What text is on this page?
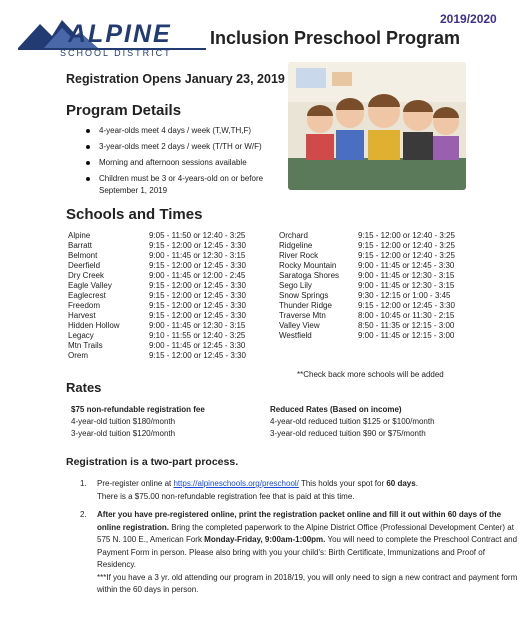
2019/2020
ALPINE
SCHOOL DISTRICT
Inclusion Preschool Program
Registration Opens January 23, 2019
Program Details
4-year-olds meet 4 days / week (T,W,TH,F)
3-year-olds meet 2 days / week (T/TH or W/F)
Morning and afternoon sessions available
Children must be 3 or 4-years-old on or before September 1, 2019
Schools and Times
Alpine
Barratt
Belmont
Deerfield
Dry Creek
Eagle Valley
Eaglecrest
Freedom
Harvest
Hidden Hollow
Legacy
Mtn Trails
Orem
9:05 - 11:50 or 12:40 - 3:25
9:15 - 12:00 or 12:45 - 3:30
9:00 - 11:45 or 12:30 - 3:15
9:15 - 12:00 or 12:45 - 3:30
9:00 - 11:45 or 12:00 - 2:45
9:15 - 12:00 or 12:45 - 3:30
9:15 - 12:00 or 12:45 - 3:30
9:15 - 12:00 or 12:45 - 3:30
9:15 - 12:00 or 12:45 - 3:30
9:00 - 11:45 or 12:30 - 3:15
9:10 - 11:55 or 12:40 - 3:25
9:00 - 11:45 or 12:45 - 3:30
9:15 - 12:00 or 12:45 - 3:30
Orchard
Ridgeline
River Rock
Rocky Mountain
Saratoga Shores
Sego Lily
Snow Springs
Thunder Ridge
Traverse Mtn
Valley View
Westfield
9:15 - 12:00 or 12:40 - 3:25
9:15 - 12:00 or 12:40 - 3:25
9:15 - 12:00 or 12:40 - 3:25
9:00 - 11:45 or 12:45 - 3:30
9:00 - 11:45 or 12:30 - 3:15
9:00 - 11:45 or 12:30 - 3:15
9:30 - 12:15 or 1:00 - 3:45
9:15 - 12:00 or 12:45 - 3:30
8:00 - 10:45 or 11:30 - 2:15
8:50 - 11:35 or 12:15 - 3:00
9:00 - 11:45 or 12:15 - 3:00
**Check back more schools will be added
Rates
$75 non-refundable registration fee
4-year-old tuition $180/month
3-year-old tuition $120/month
Reduced Rates (Based on income)
4-year-old reduced tuition $125 or $100/month
3-year-old reduced tuition $90 or $75/month
Registration is a two-part process.
1. Pre-register online at https://alpineschools.org/preschool/ This holds your spot for 60 days.
There is a $75.00 non-refundable registration fee that is paid at this time.
2. After you have pre-registered online, print the registration packet online and fill it out within 60 days of the online registration. Bring the completed paperwork to the Alpine District Office (Professional Development Center) at 575 N. 100 E., American Fork Monday-Friday, 9:00am-1:00pm. You will need to complete the Preschool Contract and Payment Form in person. Please also bring with you your child's: Birth Certificate, Immunizations and Proof of Residency.
***If you have a 3 yr. old attending our program in 2018/19, you will only need to sign a new contract and payment form within the 60 days in person.
